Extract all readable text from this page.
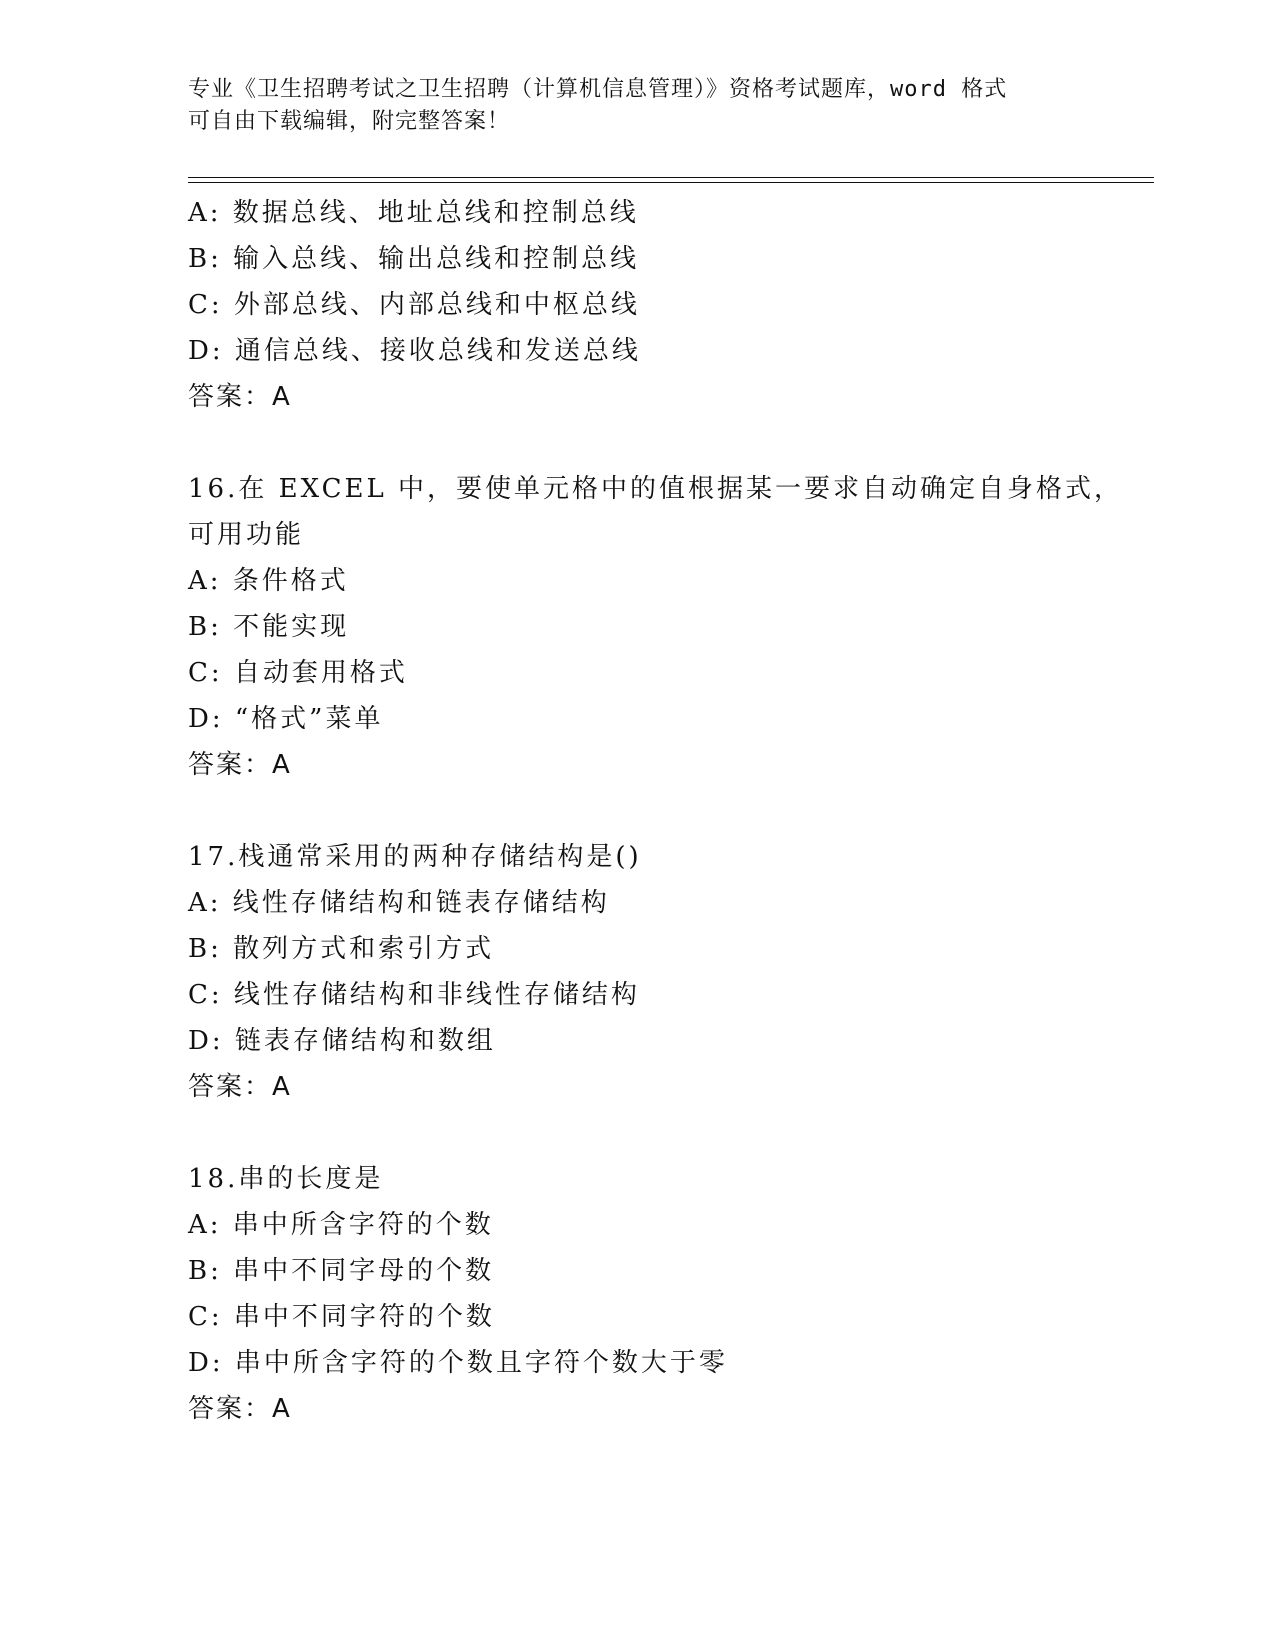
专业《卫生招聘考试之卫生招聘（计算机信息管理）》资格考试题库，word 格式
可自由下载编辑，附完整答案！
A: 数据总线、地址总线和控制总线
B: 输入总线、输出总线和控制总线
C: 外部总线、内部总线和中枢总线
D: 通信总线、接收总线和发送总线
答案：A
16.在 EXCEL 中，要使单元格中的值根据某一要求自动确定自身格式，
可用功能
A: 条件格式
B: 不能实现
C: 自动套用格式
D: “格式”菜单
答案：A
17.栈通常采用的两种存储结构是()
A: 线性存储结构和链表存储结构
B: 散列方式和索引方式
C: 线性存储结构和非线性存储结构
D: 链表存储结构和数组
答案：A
18.串的长度是
A: 串中所含字符的个数
B: 串中不同字母的个数
C: 串中不同字符的个数
D: 串中所含字符的个数且字符个数大于零
答案：A
